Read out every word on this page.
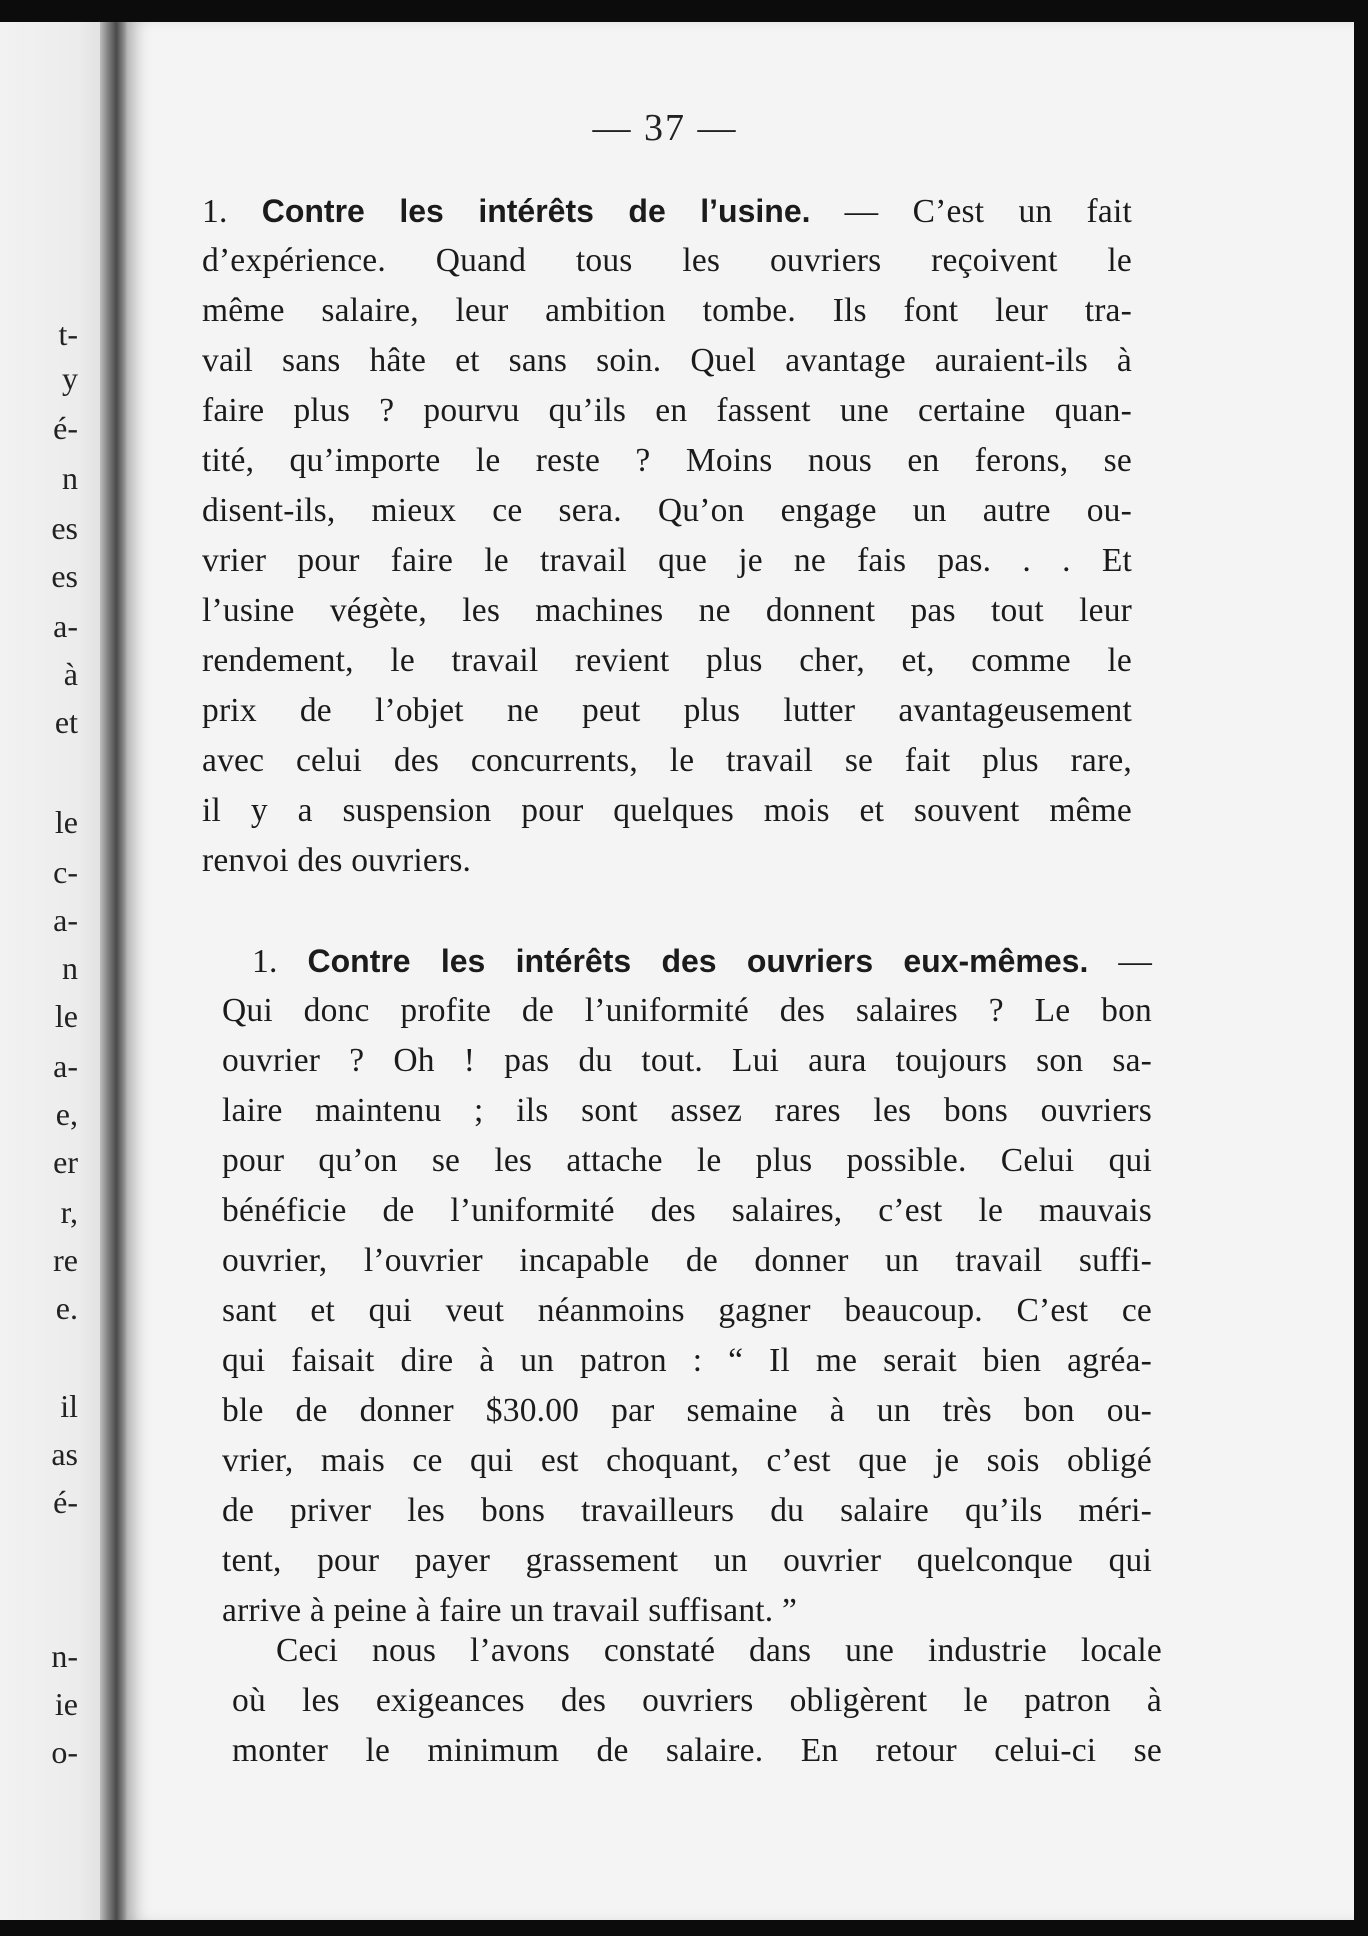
t-
y
é-
n
es
es
a-
à
et
le
c-
a-
n
le
a-
e,
er
r,
re
e.
il
as
é-
n-
ie
o-
— 37 —
1. Contre les intérêts de l’usine. — C’est un fait
d’expérience. Quand tous les ouvriers reçoivent le
même salaire, leur ambition tombe. Ils font leur tra-
vail sans hâte et sans soin. Quel avantage auraient-ils à
faire plus ? pourvu qu’ils en fassent une certaine quan-
tité, qu’importe le reste ? Moins nous en ferons, se
disent-ils, mieux ce sera. Qu’on engage un autre ou-
vrier pour faire le travail que je ne fais pas. . . Et
l’usine végète, les machines ne donnent pas tout leur
rendement, le travail revient plus cher, et, comme le
prix de l’objet ne peut plus lutter avantageusement
avec celui des concurrents, le travail se fait plus rare,
il y a suspension pour quelques mois et souvent même
renvoi des ouvriers.
1. Contre les intérêts des ouvriers eux-mêmes. —
Qui donc profite de l’uniformité des salaires ? Le bon
ouvrier ? Oh ! pas du tout. Lui aura toujours son sa-
laire maintenu ; ils sont assez rares les bons ouvriers
pour qu’on se les attache le plus possible. Celui qui
bénéficie de l’uniformité des salaires, c’est le mauvais
ouvrier, l’ouvrier incapable de donner un travail suffi-
sant et qui veut néanmoins gagner beaucoup. C’est ce
qui faisait dire à un patron : “ Il me serait bien agréa-
ble de donner $30.00 par semaine à un très bon ou-
vrier, mais ce qui est choquant, c’est que je sois obligé
de priver les bons travailleurs du salaire qu’ils méri-
tent, pour payer grassement un ouvrier quelconque qui
arrive à peine à faire un travail suffisant. ”
Ceci nous l’avons constaté dans une industrie locale
où les exigeances des ouvriers obligèrent le patron à
monter le minimum de salaire. En retour celui-ci se
